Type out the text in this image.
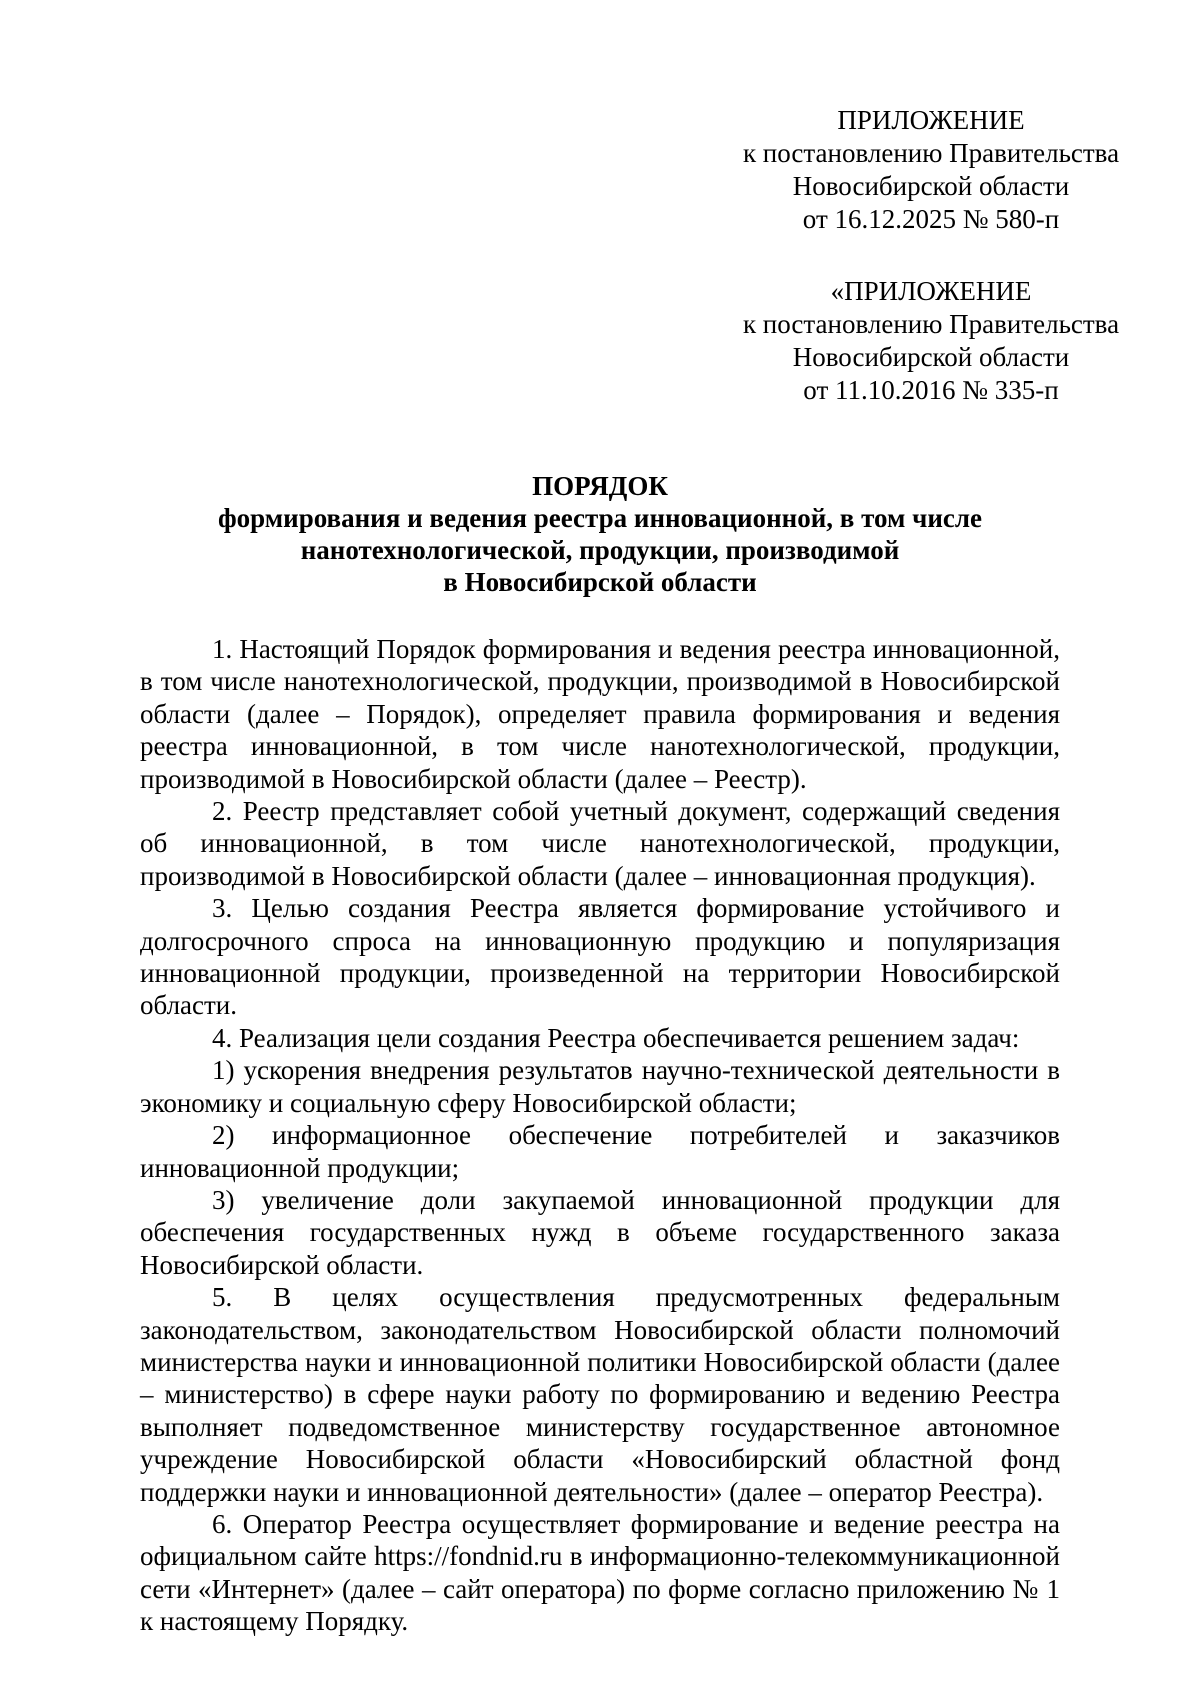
ПРИЛОЖЕНИЕ
к постановлению Правительства
Новосибирской области
от 16.12.2025 № 580-п
«ПРИЛОЖЕНИЕ
к постановлению Правительства
Новосибирской области
от 11.10.2016 № 335-п
ПОРЯДОК
формирования и ведения реестра инновационной, в том числе
нанотехнологической, продукции, производимой
в Новосибирской области

1. Настоящий Порядок формирования и ведения реестра инновационной, в том числе нанотехнологической, продукции, производимой в Новосибирской области (далее – Порядок), определяет правила формирования и ведения реестра инновационной, в том числе нанотехнологической, продукции, производимой в Новосибирской области (далее – Реестр).

2. Реестр представляет собой учетный документ, содержащий сведения об инновационной, в том числе нанотехнологической, продукции, производимой в Новосибирской области (далее – инновационная продукция).

3. Целью создания Реестра является формирование устойчивого и долгосрочного спроса на инновационную продукцию и популяризация инновационной продукции, произведенной на территории Новосибирской области.

4. Реализация цели создания Реестра обеспечивается решением задач:

1) ускорения внедрения результатов научно-технической деятельности в экономику и социальную сферу Новосибирской области;

2) информационное обеспечение потребителей и заказчиков инновационной продукции;

3) увеличение доли закупаемой инновационной продукции для обеспечения государственных нужд в объеме государственного заказа Новосибирской области.

5. В целях осуществления предусмотренных федеральным законодательством, законодательством Новосибирской области полномочий министерства науки и инновационной политики Новосибирской области (далее – министерство) в сфере науки работу по формированию и ведению Реестра выполняет подведомственное министерству государственное автономное учреждение Новосибирской области «Новосибирский областной фонд поддержки науки и инновационной деятельности» (далее – оператор Реестра).

6. Оператор Реестра осуществляет формирование и ведение реестра на официальном сайте https://fondnid.ru в информационно-телекоммуникационной сети «Интернет» (далее – сайт оператора) по форме согласно приложению № 1 к настоящему Порядку.
